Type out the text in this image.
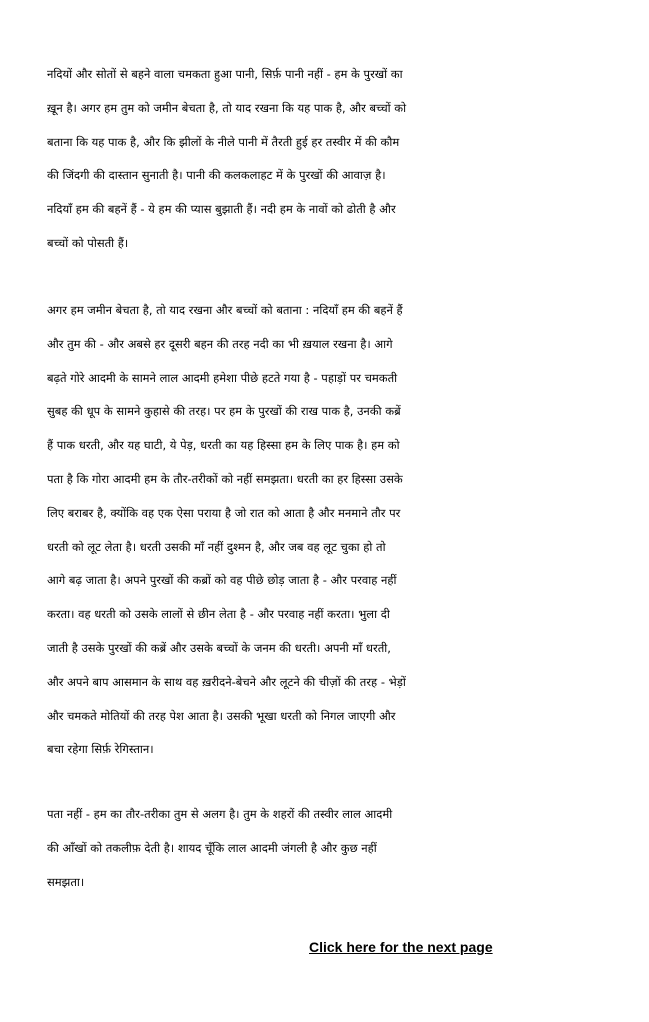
नदियों और सोतों से बहने वाला चमकता हुआ पानी, सिर्फ़ पानी नहीं - हम के पुरखों का
ख़ून है। अगर हम तुम को जमीन बेचता है, तो याद रखना कि यह पाक है, और बच्चों को
बताना कि यह पाक है, और कि झीलों के नीले पानी में तैरती हुई हर तस्वीर में की कौम
की जिंदगी की दास्तान सुनाती है। पानी की कलकलाहट में के पुरखों की आवाज़ है।
नदियाँ हम की बहनें हैं - ये हम की प्यास बुझाती हैं। नदी हम के नावों को ढोती है और
बच्चों को पोसती हैं।
अगर हम जमीन बेचता है, तो याद रखना और बच्चों को बताना : नदियाँ हम की बहनें हैं
और तुम की - और अबसे हर दूसरी बहन की तरह नदी का भी ख़याल रखना है। आगे
बढ़ते गोरे आदमी के सामने लाल आदमी हमेशा पीछे हटते गया है - पहाड़ों पर चमकती
सुबह की धूप के सामने कुहासे की तरह। पर हम के पुरखों की राख पाक है, उनकी कब्रें
हैं पाक धरती, और यह घाटी, ये पेड़, धरती का यह हिस्सा हम के लिए पाक है। हम को
पता है कि गोरा आदमी हम के तौर-तरीकों को नहीं समझता। धरती का हर हिस्सा उसके
लिए बराबर है, क्योंकि वह एक ऐसा पराया है जो रात को आता है और मनमाने तौर पर
धरती को लूट लेता है। धरती उसकी माँ नहीं दुश्मन है, और जब वह लूट चुका हो तो
आगे बढ़ जाता है। अपने पुरखों की कब्रों को वह पीछे छोड़ जाता है - और परवाह नहीं
करता। वह धरती को उसके लालों से छीन लेता है - और परवाह नहीं करता। भुला दी
जाती है उसके पुरखों की कब्रें और उसके बच्चों के जनम की धरती। अपनी माँ धरती,
और अपने बाप आसमान के साथ वह ख़रीदने-बेचने और लूटने की चीज़ों की तरह - भेड़ों
और चमकते मोतियों की तरह पेश आता है। उसकी भूखा धरती को निगल जाएगी और
बचा रहेगा सिर्फ़ रेगिस्तान।
पता नहीं - हम का तौर-तरीका तुम से अलग है। तुम के शहरों की तस्वीर लाल आदमी
की आँखों को तकलीफ़ देती है। शायद चूँकि लाल आदमी जंगली है और कुछ नहीं
समझता।
Click here for the next page
